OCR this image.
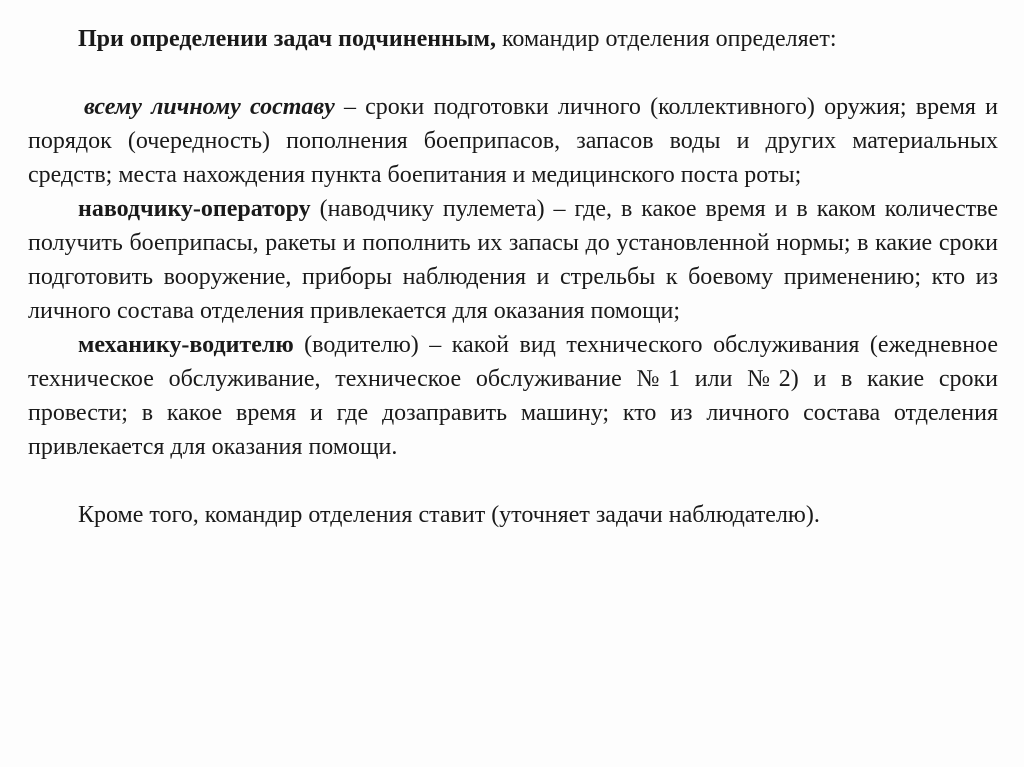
При определении задач подчиненным, командир отделения определяет:

всему личному составу – сроки подготовки личного (коллективного) оружия; время и порядок (очередность) пополнения боеприпасов, запасов воды и других материальных средств; места нахождения пункта боепитания и медицинского поста роты;

наводчику-оператору (наводчику пулемета) – где, в какое время и в каком количестве получить боеприпасы, ракеты и пополнить их запасы до установленной нормы; в какие сроки подготовить вооружение, приборы наблюдения и стрельбы к боевому применению; кто из личного состава отделения привлекается для оказания помощи;

механику-водителю (водителю) – какой вид технического обслуживания (ежедневное техническое обслуживание, техническое обслуживание №1 или №2) и в какие сроки провести; в какое время и где дозаправить машину; кто из личного состава отделения привлекается для оказания помощи.

Кроме того, командир отделения ставит (уточняет задачи наблюдателю).
